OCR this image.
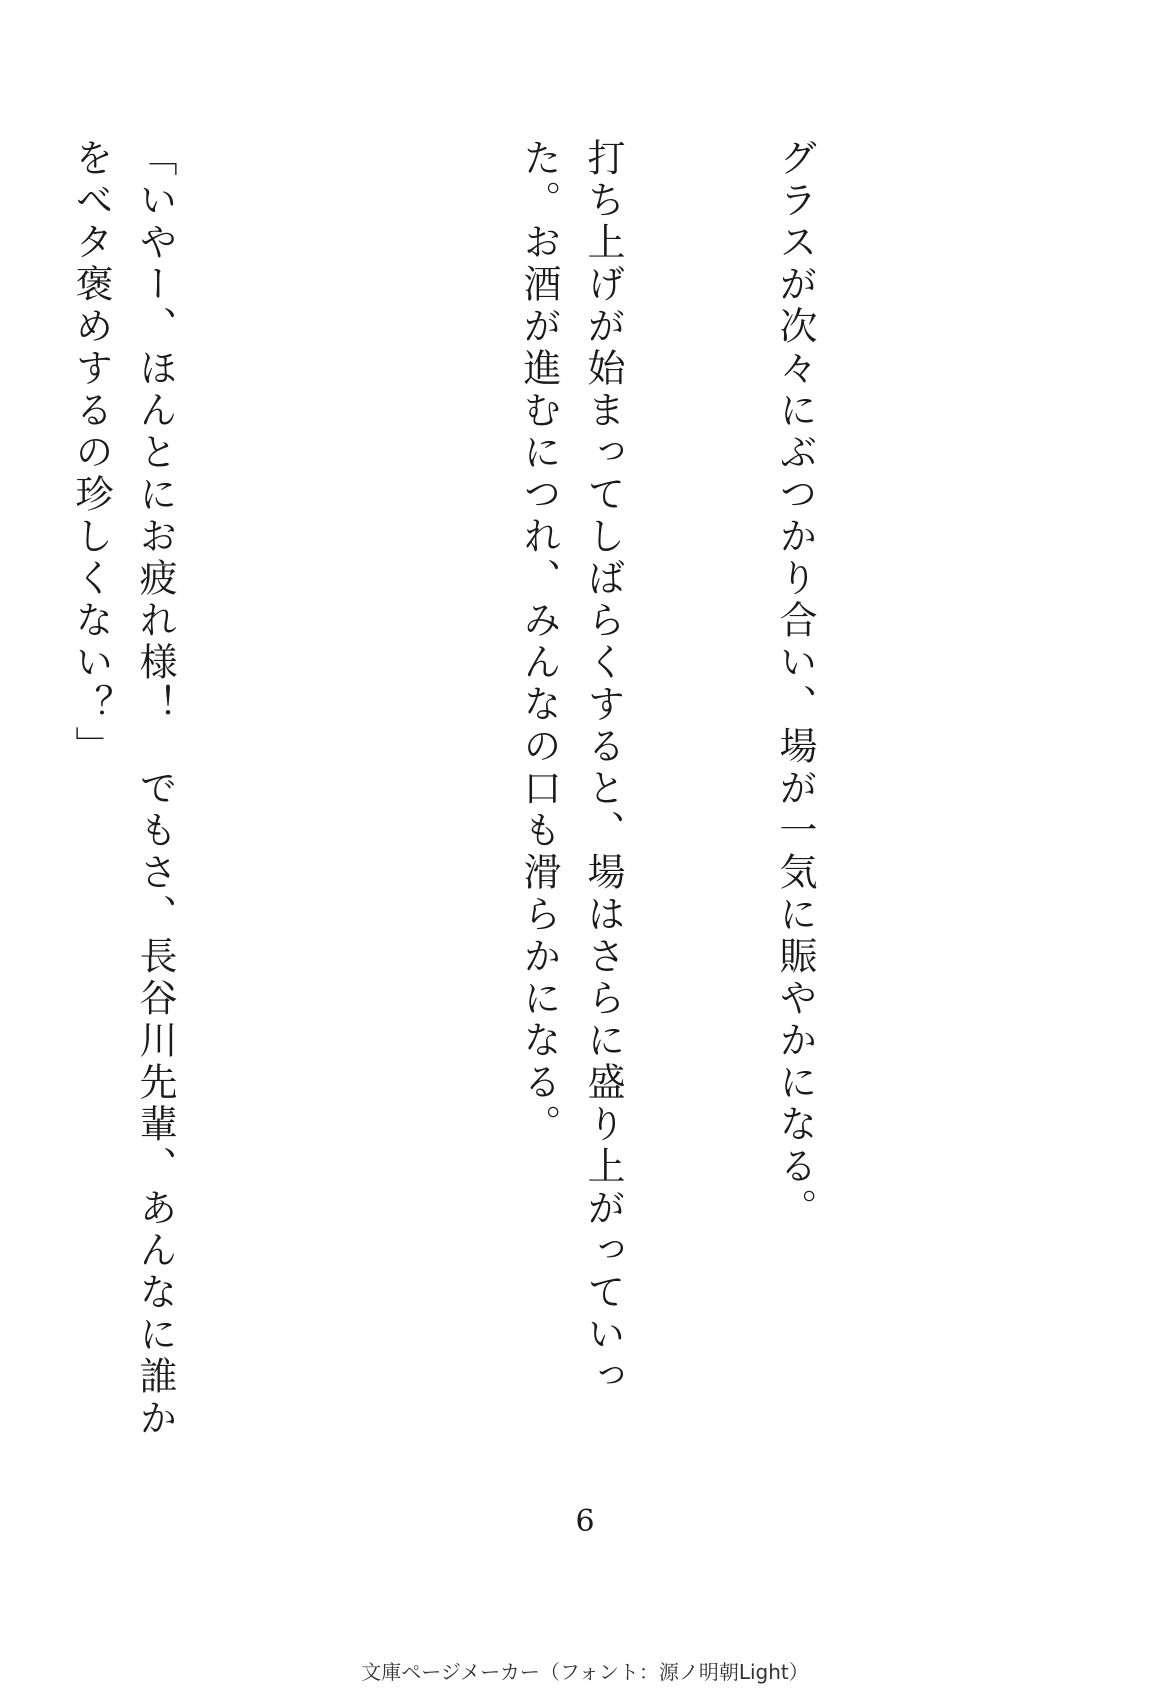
グラスが次々にぶつかり合い、場が一気に賑やかになる。

打ち上げが始まってしばらくすると、場はさらに盛り上がっていった。お酒が進むにつれ、みんなの口も滑らかになる。

「いやー、ほんとにお疲れ様！　でもさ、長谷川先輩、あんなに誰かをべタ褒めするの珍しくない？」

6
文庫ページメーカー（フォント：源ノ明朝Light）
